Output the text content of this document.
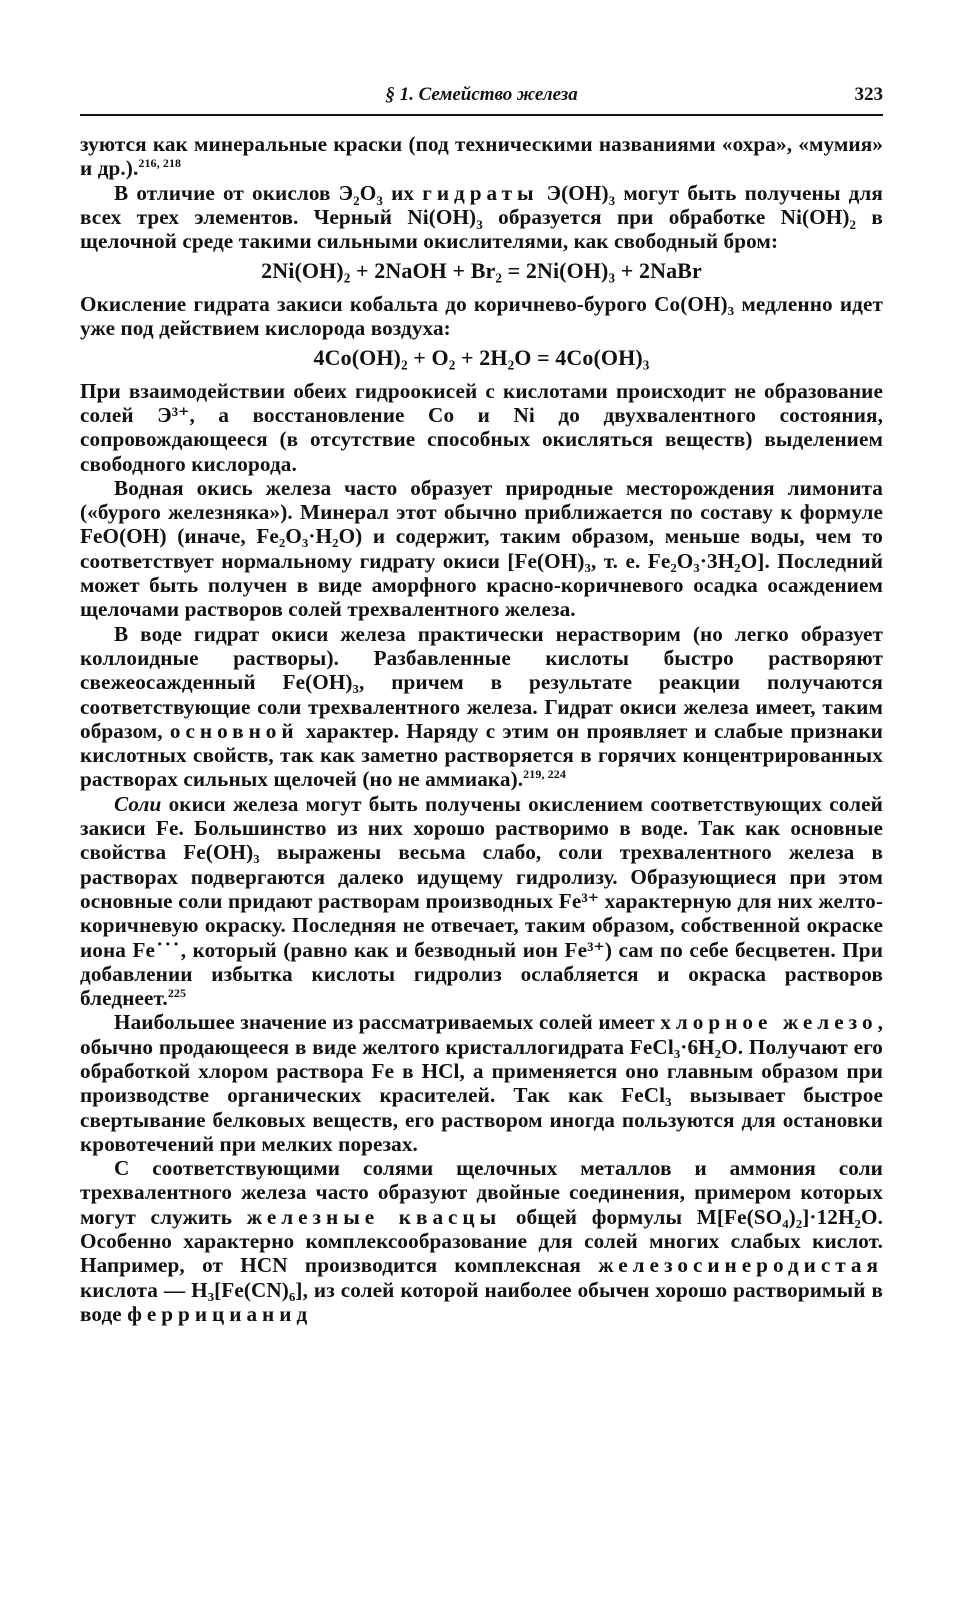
§ 1. Семейство железа	323

зуются как минеральные краски (под техническими названиями «охра», «мумия» и др.).$^{216, 218}$

В отличие от окислов $Э_2O_3$ их гидраты $Э(ОН)_3$ могут быть получены для всех трех элементов. Черный $Ni(OH)_3$ образуется при обработке $Ni(OH)_2$ в щелочной среде такими сильными окислителями, как свободный бром:

2Ni(OH)₂ + 2NaOH + Br₂ = 2Ni(OH)₃ + 2NaBr

Окисление гидрата закиси кобальта до коричнево-бурого Co(OH)₃ медленно идет уже под действием кислорода воздуха:

4Co(OH)₂ + O₂ + 2H₂O = 4Co(OH)₃

При взаимодействии обеих гидроокисей с кислотами происходит не образование солей Э³⁺, а восстановление Co и Ni до двухвалентного состояния, сопровождающееся (в отсутствие способных окисляться веществ) выделением свободного кислорода.

Водная окись железа часто образует природные месторождения лимонита («бурого железняка»). Минерал этот обычно приближается по составу к формуле FeO(OH) (иначе, Fe₂O₃·H₂O) и содержит, таким образом, меньше воды, чем то соответствует нормальному гидрату окиси [Fe(OH)₃, т. е. Fe₂O₃·3H₂O]. Последний может быть получен в виде аморфного красно-коричневого осадка осаждением щелочами растворов солей трехвалентного железа.

В воде гидрат окиси железа практически нерастворим (но легко образует коллоидные растворы). Разбавленные кислоты быстро растворяют свежеосажденный Fe(OH)₃, причем в результате реакции получаются соответствующие соли трехвалентного железа. Гидрат окиси железа имеет, таким образом, основной характер. Наряду с этим он проявляет и слабые признаки кислотных свойств, так как заметно растворяется в горячих концентрированных растворах сильных щелочей (но не аммиака).$^{219, 224}$

Соли окиси железа могут быть получены окислением соответствующих солей закиси Fe. Большинство из них хорошо растворимо в воде. Так как основные свойства Fe(OH)₃ выражены весьма слабо, соли трехвалентного железа в растворах подвергаются далеко идущему гидролизу. Образующиеся при этом основные соли придают растворам производных Fe³⁺ характерную для них желто-коричневую окраску. Последняя не отвечает, таким образом, собственной окраске иона Fe˙˙˙, который (равно как и безводный ион Fe³⁺) сам по себе бесцветен. При добавлении избытка кислоты гидролиз ослабляется и окраска растворов бледнеет.$^{225}$

Наибольшее значение из рассматриваемых солей имеет хлорное железо, обычно продающееся в виде желтого кристаллогидрата FeCl₃·6H₂O. Получают его обработкой хлором раствора Fe в HCl, а применяется оно главным образом при производстве органических красителей. Так как FeCl₃ вызывает быстрое свертывание белковых веществ, его раствором иногда пользуются для остановки кровотечений при мелких порезах.

С соответствующими солями щелочных металлов и аммония соли трехвалентного железа часто образуют двойные соединения, примером которых могут служить железные квасцы общей формулы M[Fe(SO₄)₂]·12H₂O. Особенно характерно комплексообразование для солей многих слабых кислот. Например, от HCN производится комплексная железосинеродистая кислота — H₃[Fe(CN)₆], из солей которой наиболее обычен хорошо растворимый в воде феррицианид
